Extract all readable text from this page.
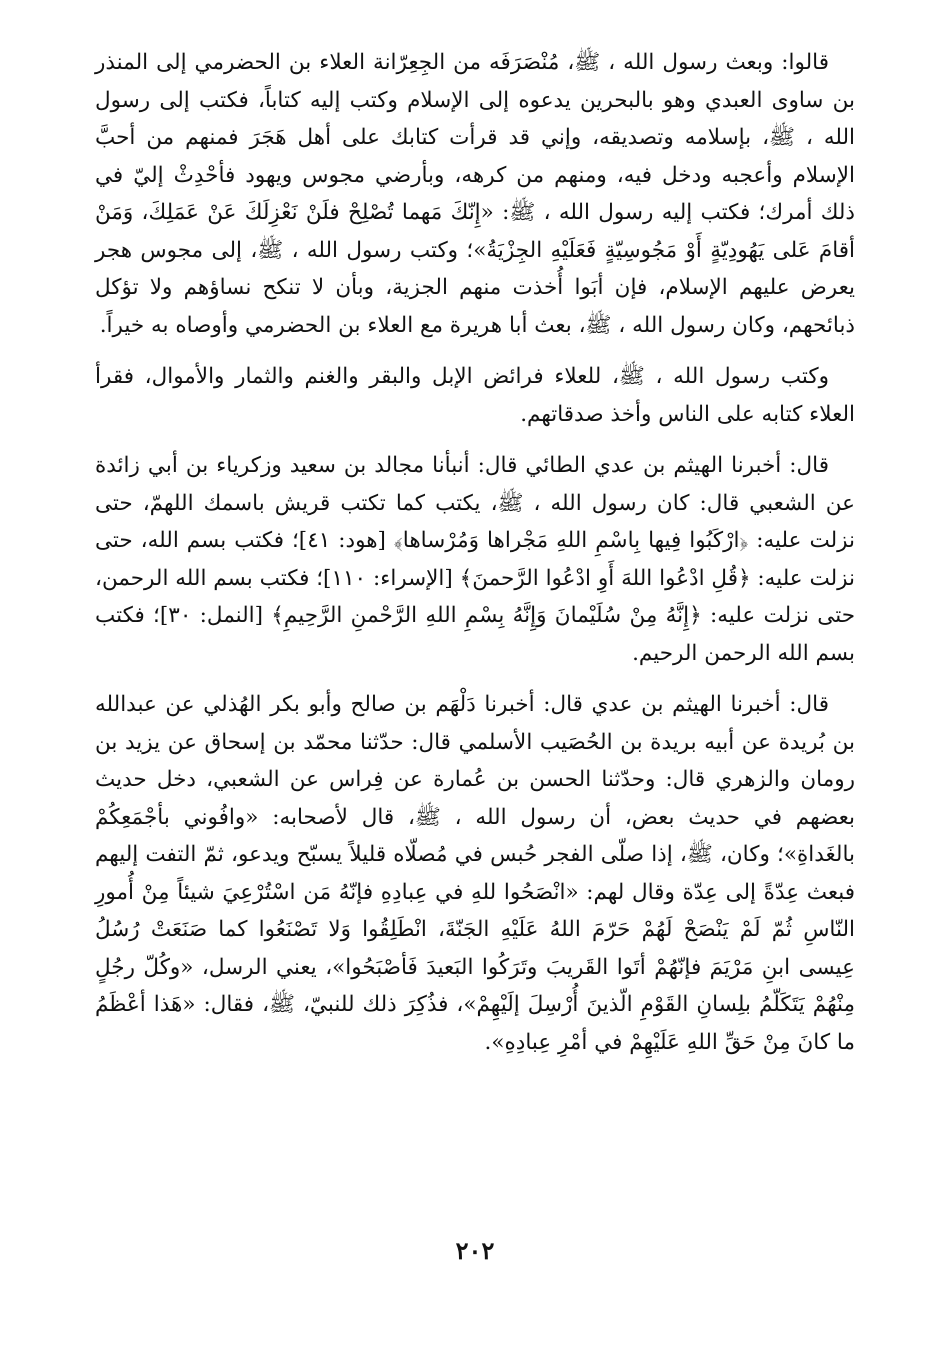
قالوا: وبعث رسول الله ، ﷺ، مُنْصَرَفَه من الجِعِرّانة العلاء بن الحضرمي إلى المنذر بن ساوى العبدي وهو بالبحرين يدعوه إلى الإسلام وكتب إليه كتاباً، فكتب إلى رسول الله ، ﷺ، بإسلامه وتصديقه، وإني قد قرأت كتابك على أهل هَجَرَ فمنهم من أحبَّ الإسلام وأعجبه ودخل فيه، ومنهم من كرهه، وبأرضي مجوس ويهود فأحْدِثْ إليّ في ذلك أمرك؛ فكتب إليه رسول الله ، ﷺ: «إِنّكَ مَهما تُصْلِحْ فلَنْ نَعْزِلَكَ عَنْ عَمَلِكَ، وَمَنْ أقامَ عَلى يَهُودِيّةٍ أَوْ مَجُوسِيّةٍ فَعَلَيْهِ الجِزْيَةُ»؛ وكتب رسول الله ، ﷺ، إلى مجوس هجر يعرض عليهم الإسلام، فإن أبَوا أُخذت منهم الجزية، وبأن لا تنكح نساؤهم ولا تؤكل ذبائحهم، وكان رسول الله ، ﷺ، بعث أبا هريرة مع العلاء بن الحضرمي وأوصاه به خيراً.

وكتب رسول الله ، ﷺ، للعلاء فرائض الإبل والبقر والغنم والثمار والأموال، فقرأ العلاء كتابه على الناس وأخذ صدقاتهم.

قال: أخبرنا الهيثم بن عدي الطائي قال: أنبأنا مجالد بن سعيد وزكرياء بن أبي زائدة عن الشعبي قال: كان رسول الله ، ﷺ، يكتب كما تكتب قريش باسمك اللهمّ، حتى نزلت عليه: ﴿ارْكَبُوا فِيها بِاسْمِ اللهِ مَجْراها وَمُرْساها﴾ [هود: ٤١]؛ فكتب بسم الله، حتى نزلت عليه: ﴿قُلِ ادْعُوا اللهَ أَوِ ادْعُوا الرَّحمنَ﴾ [الإسراء: ١١٠]؛ فكتب بسم الله الرحمن، حتى نزلت عليه: ﴿إِنَّهُ مِنْ سُلَيْمانَ وَإِنَّهُ بِسْمِ اللهِ الرَّحْمنِ الرَّحِيمِ﴾ [النمل: ٣٠]؛ فكتب بسم الله الرحمن الرحيم.

قال: أخبرنا الهيثم بن عدي قال: أخبرنا دَلْهَم بن صالح وأبو بكر الهُذلي عن عبدالله بن بُريدة عن أبيه بريدة بن الحُصَيب الأسلمي قال: حدّثنا محمّد بن إسحاق عن يزيد بن رومان والزهري قال: وحدّثنا الحسن بن عُمارة عن فِراس عن الشعبي، دخل حديث بعضهم في حديث بعض، أن رسول الله ، ﷺ، قال لأصحابه: «وافُوني بأجْمَعِكُمْ بالغَداةِ»؛ وكان، ﷺ، إذا صلّى الفجر حُبس في مُصلّاه قليلاً يسبّح ويدعو، ثمّ التفت إليهم فبعث عِدّةً إلى عِدّة وقال لهم: «انْصَحُوا للهِ في عِبادِهِ فإنّهُ مَن اسْتُرْعِيَ شيئاً مِنْ أُمورِ النّاسِ ثُمّ لَمْ يَنْصَحْ لَهُمْ حَرّمَ اللهُ عَلَيْهِ الجَنّةَ، انْطَلِقُوا وَلا تَصْنَعُوا كما صَنَعَتْ رُسُلُ عِيسى ابنِ مَرْيَمَ فإنّهُمْ أتَوا القَريبَ وتَرَكُوا البَعيدَ فَأصْبَحُوا»، يعني الرسل، «وكُلّ رجُلٍ مِنْهُمْ يَتَكَلّمُ بلِسانِ القَوْمِ الّذينَ أُرْسِلَ إلَيْهِمْ»، فذُكِرَ ذلك للنبيّ، ﷺ، فقال: «هَذا أعْظَمُ ما كانَ مِنْ حَقِّ اللهِ عَلَيْهِمْ في أمْرِ عِبادِهِ».

٢٠٢
